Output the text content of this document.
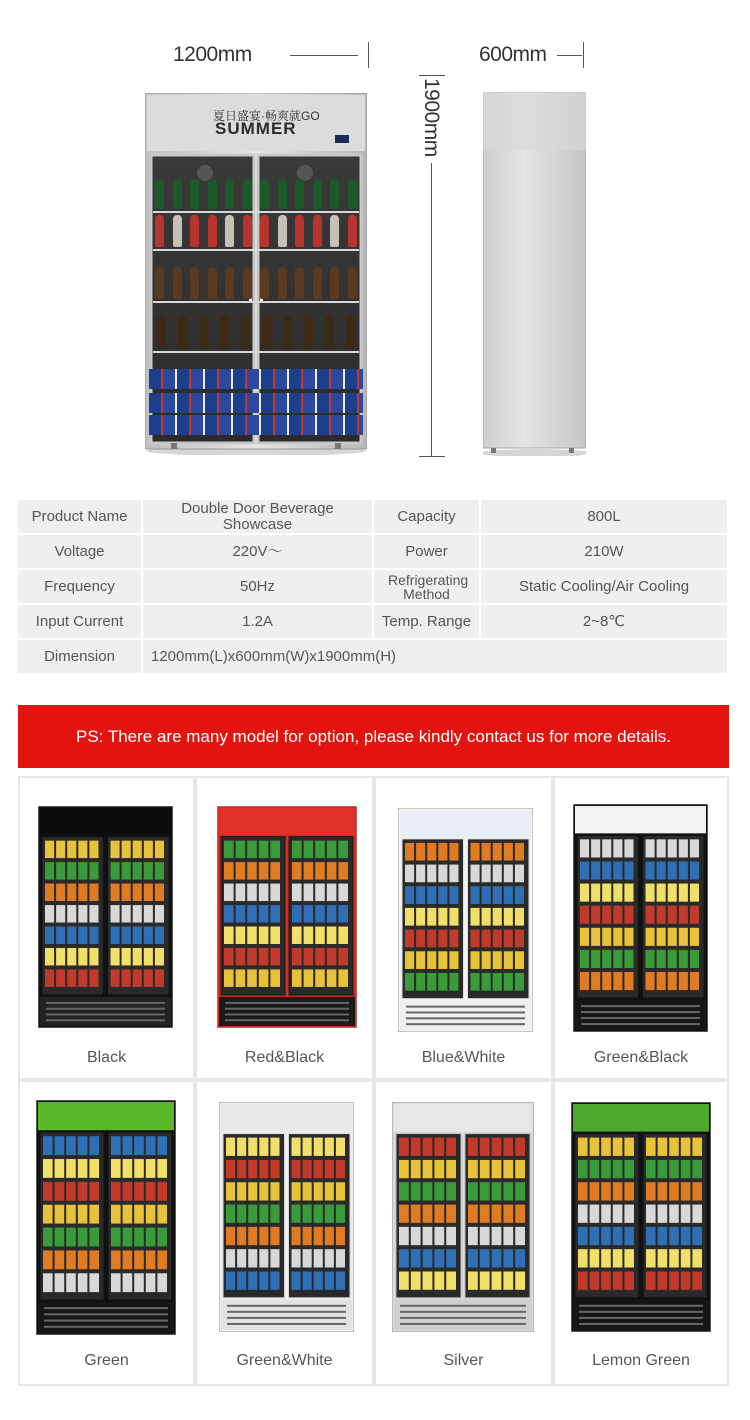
1200mm	600mm
1900mm
夏日盛宴·畅爽就GO
SUMMER
Product Name	Double Door Beverage Showcase	Capacity	800L
Voltage	220V～	Power	210W
Frequency	50Hz	Refrigerating Method	Static Cooling/Air Cooling
Input Current	1.2A	Temp. Range	2~8℃
Dimension	1200mm(L)x600mm(W)x1900mm(H)		
PS: There are many model for option, please kindly contact us for more details.
Black	Red&Black	Blue&White	Green&Black
Green	Green&White	Silver	Lemon Green
